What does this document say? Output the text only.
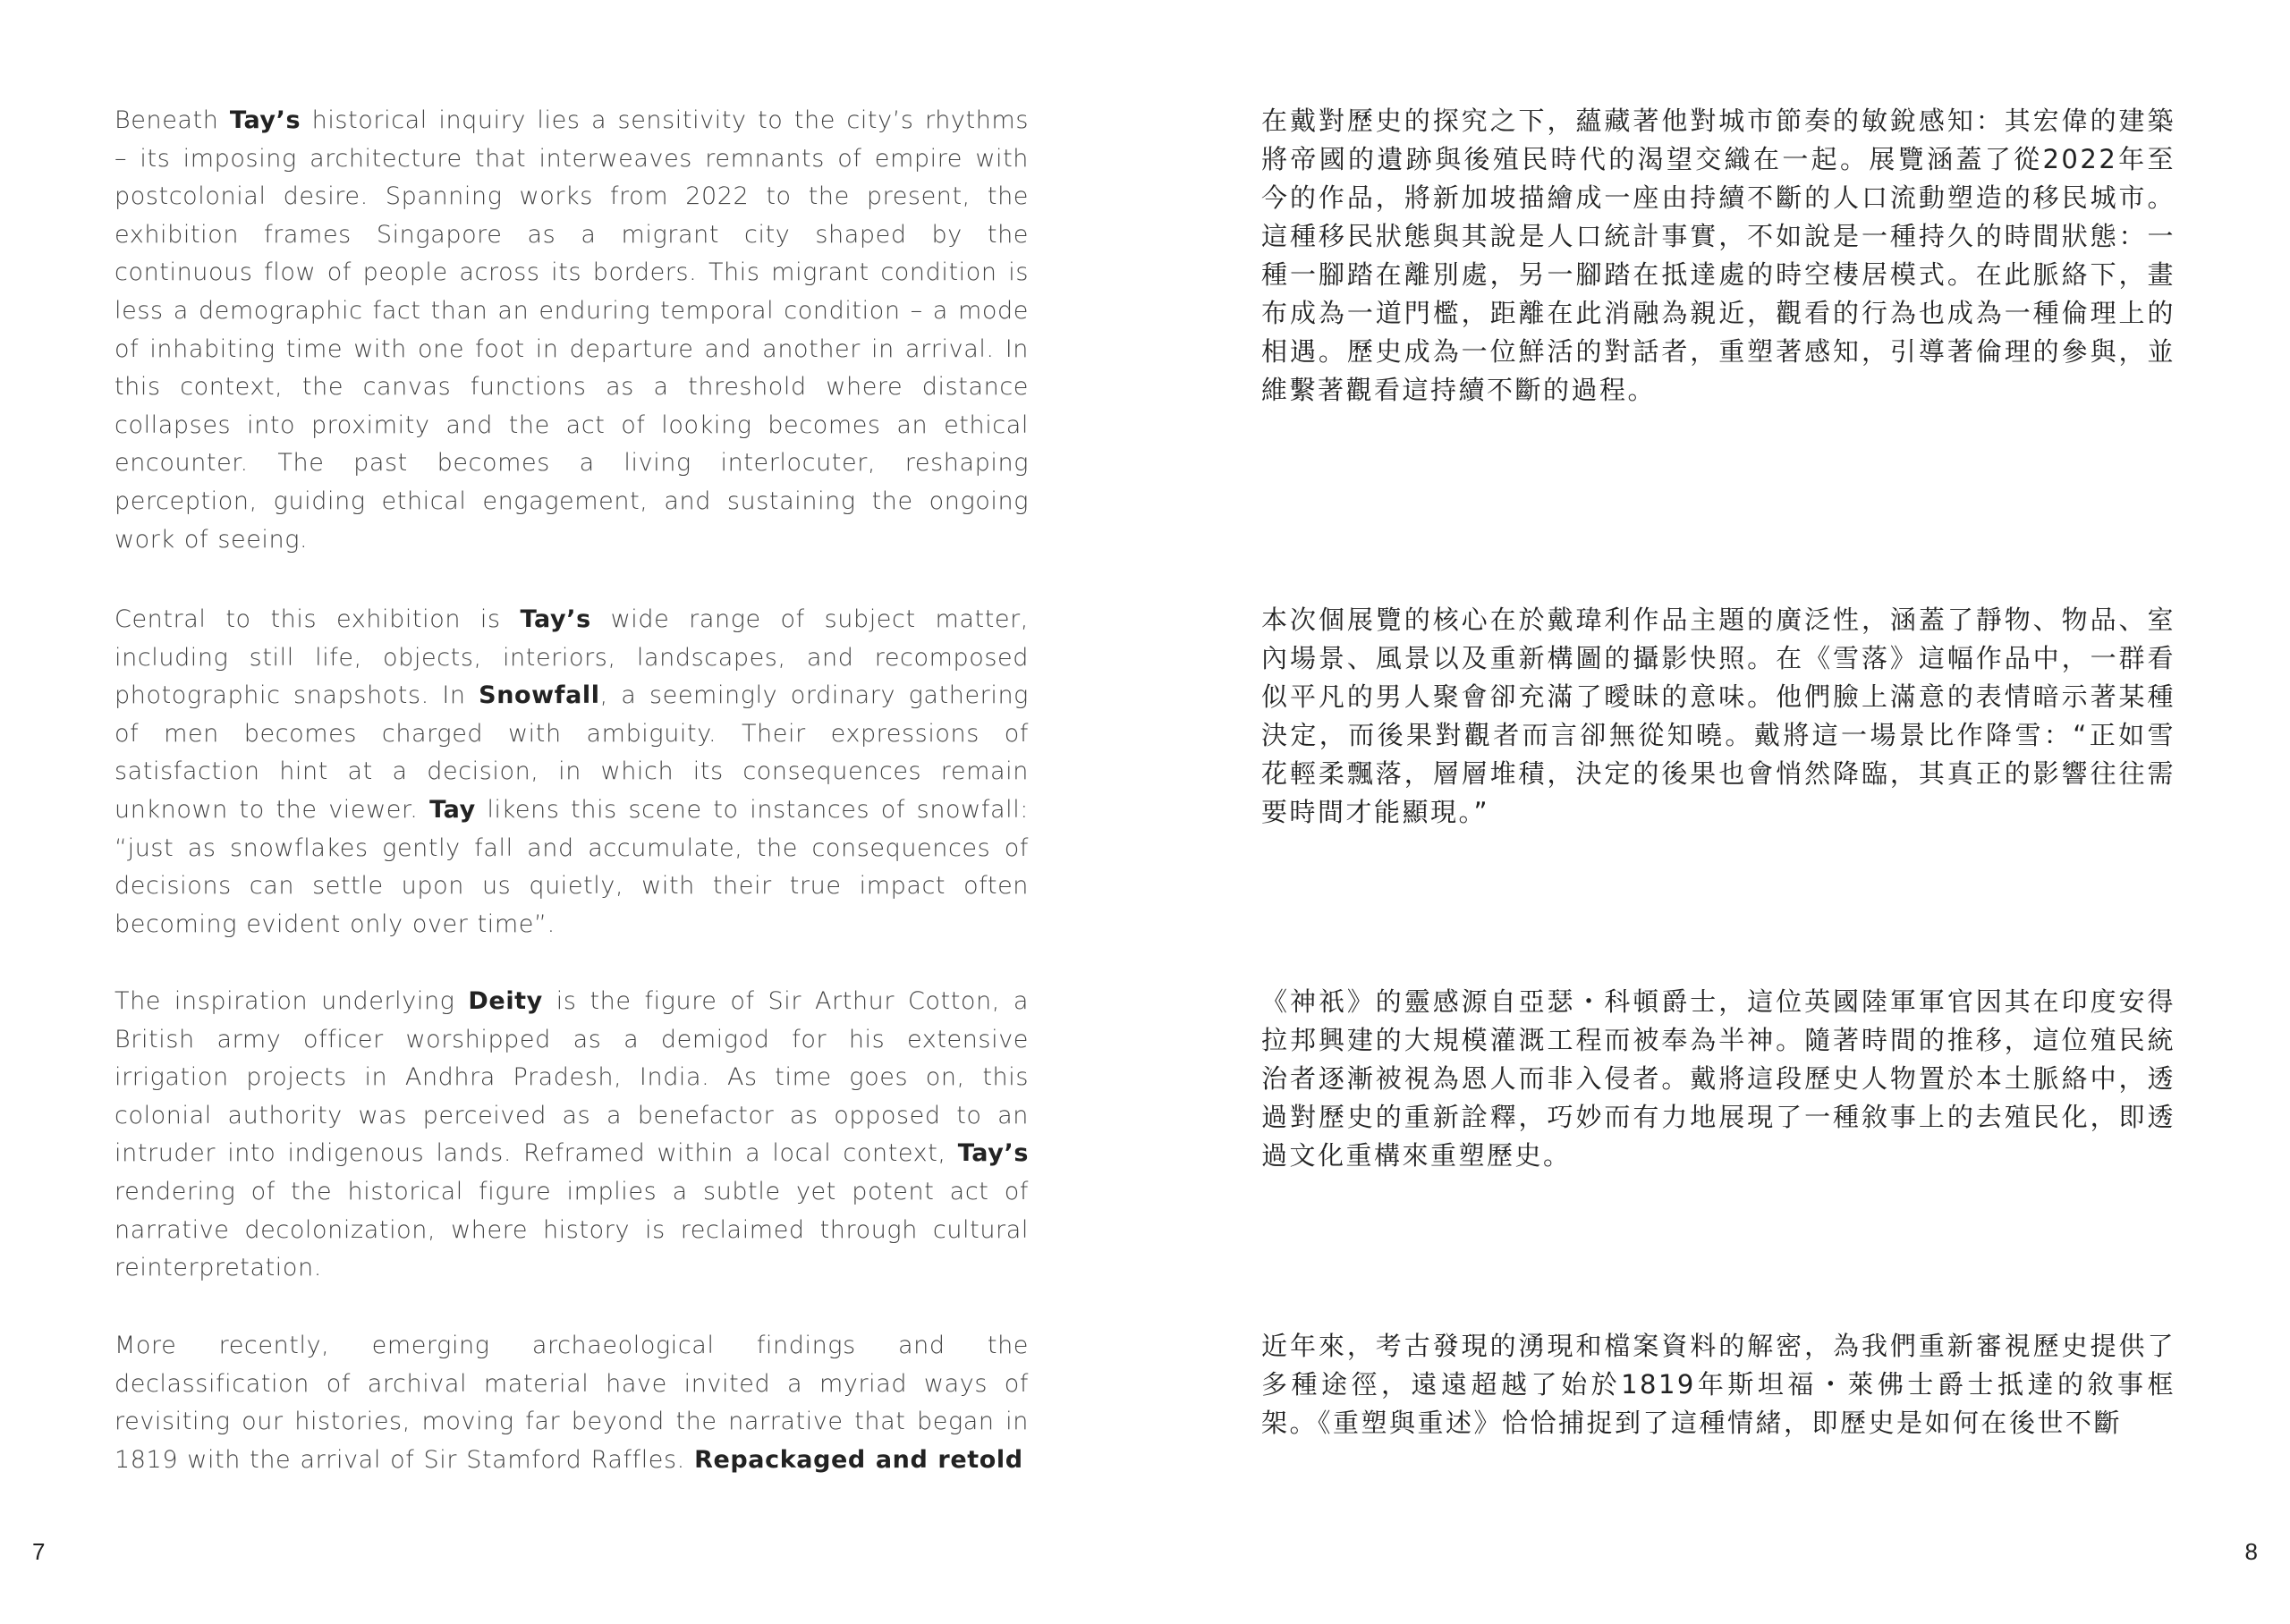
Beneath Tay’s historical inquiry lies a sensitivity to the city’s rhythms – its imposing architecture that interweaves remnants of empire with postcolonial desire. Spanning works from 2022 to the present, the exhibition frames Singapore as a migrant city shaped by the continuous flow of people across its borders. This migrant condition is less a demographic fact than an enduring temporal condition – a mode of inhabiting time with one foot in departure and another in arrival. In this context, the canvas functions as a threshold where distance collapses into proximity and the act of looking becomes an ethical encounter. The past becomes a living interlocuter, reshaping perception, guiding ethical engagement, and sustaining the ongoing work of seeing.

Central to this exhibition is Tay’s wide range of subject matter, including still life, objects, interiors, landscapes, and recomposed photographic snapshots. In Snowfall, a seemingly ordinary gathering of men becomes charged with ambiguity. Their expressions of satisfaction hint at a decision, in which its consequences remain unknown to the viewer. Tay likens this scene to instances of snowfall: “just as snowflakes gently fall and accumulate, the consequences of decisions can settle upon us quietly, with their true impact often becoming evident only over time”.

The inspiration underlying Deity is the figure of Sir Arthur Cotton, a British army officer worshipped as a demigod for his extensive irrigation projects in Andhra Pradesh, India. As time goes on, this colonial authority was perceived as a benefactor as opposed to an intruder into indigenous lands. Reframed within a local context, Tay’s rendering of the historical figure implies a subtle yet potent act of narrative decolonization, where history is reclaimed through cultural reinterpretation.

More recently, emerging archaeological findings and the declassification of archival material have invited a myriad ways of revisiting our histories, moving far beyond the narrative that began in 1819 with the arrival of Sir Stamford Raffles. Repackaged and retold

在戴對歷史的探究之下，蘊藏著他對城市節奏的敏銳感知：其宏偉的建築將帝國的遺跡與後殖民時代的渴望交織在一起。展覽涵蓋了從2022年至今的作品，將新加坡描繪成一座由持續不斷的人口流動塑造的移民城市。這種移民狀態與其說是人口統計事實，不如說是一種持久的時間狀態：一種一腳踏在離別處，另一腳踏在抵達處的時空棲居模式。在此脈絡下，畫布成為一道門檻，距離在此消融為親近，觀看的行為也成為一種倫理上的相遇。歷史成為一位鮮活的對話者，重塑著感知，引導著倫理的參與，並維繫著觀看這持續不斷的過程。

本次個展覽的核心在於戴瑋利作品主題的廣泛性，涵蓋了靜物、物品、室內場景、風景以及重新構圖的攝影快照。在《雪落》這幅作品中，一群看似平凡的男人聚會卻充滿了曖昧的意味。他們臉上滿意的表情暗示著某種決定，而後果對觀者而言卻無從知曉。戴將這一場景比作降雪：“正如雪花輕柔飄落，層層堆積，決定的後果也會悄然降臨，其真正的影響往往需要時間才能顯現。”

《神祇》的靈感源自亞瑟・科頓爵士，這位英國陸軍軍官因其在印度安得拉邦興建的大規模灌溉工程而被奉為半神。隨著時間的推移，這位殖民統治者逐漸被視為恩人而非入侵者。戴將這段歷史人物置於本土脈絡中，透過對歷史的重新詮釋，巧妙而有力地展現了一種敘事上的去殖民化，即透過文化重構來重塑歷史。

近年來，考古發現的湧現和檔案資料的解密，為我們重新審視歷史提供了多種途徑，遠遠超越了始於1819年斯坦福・萊佛士爵士抵達的敘事框架。《重塑與重述》恰恰捕捉到了這種情緒，即歷史是如何在後世不斷

7	8
